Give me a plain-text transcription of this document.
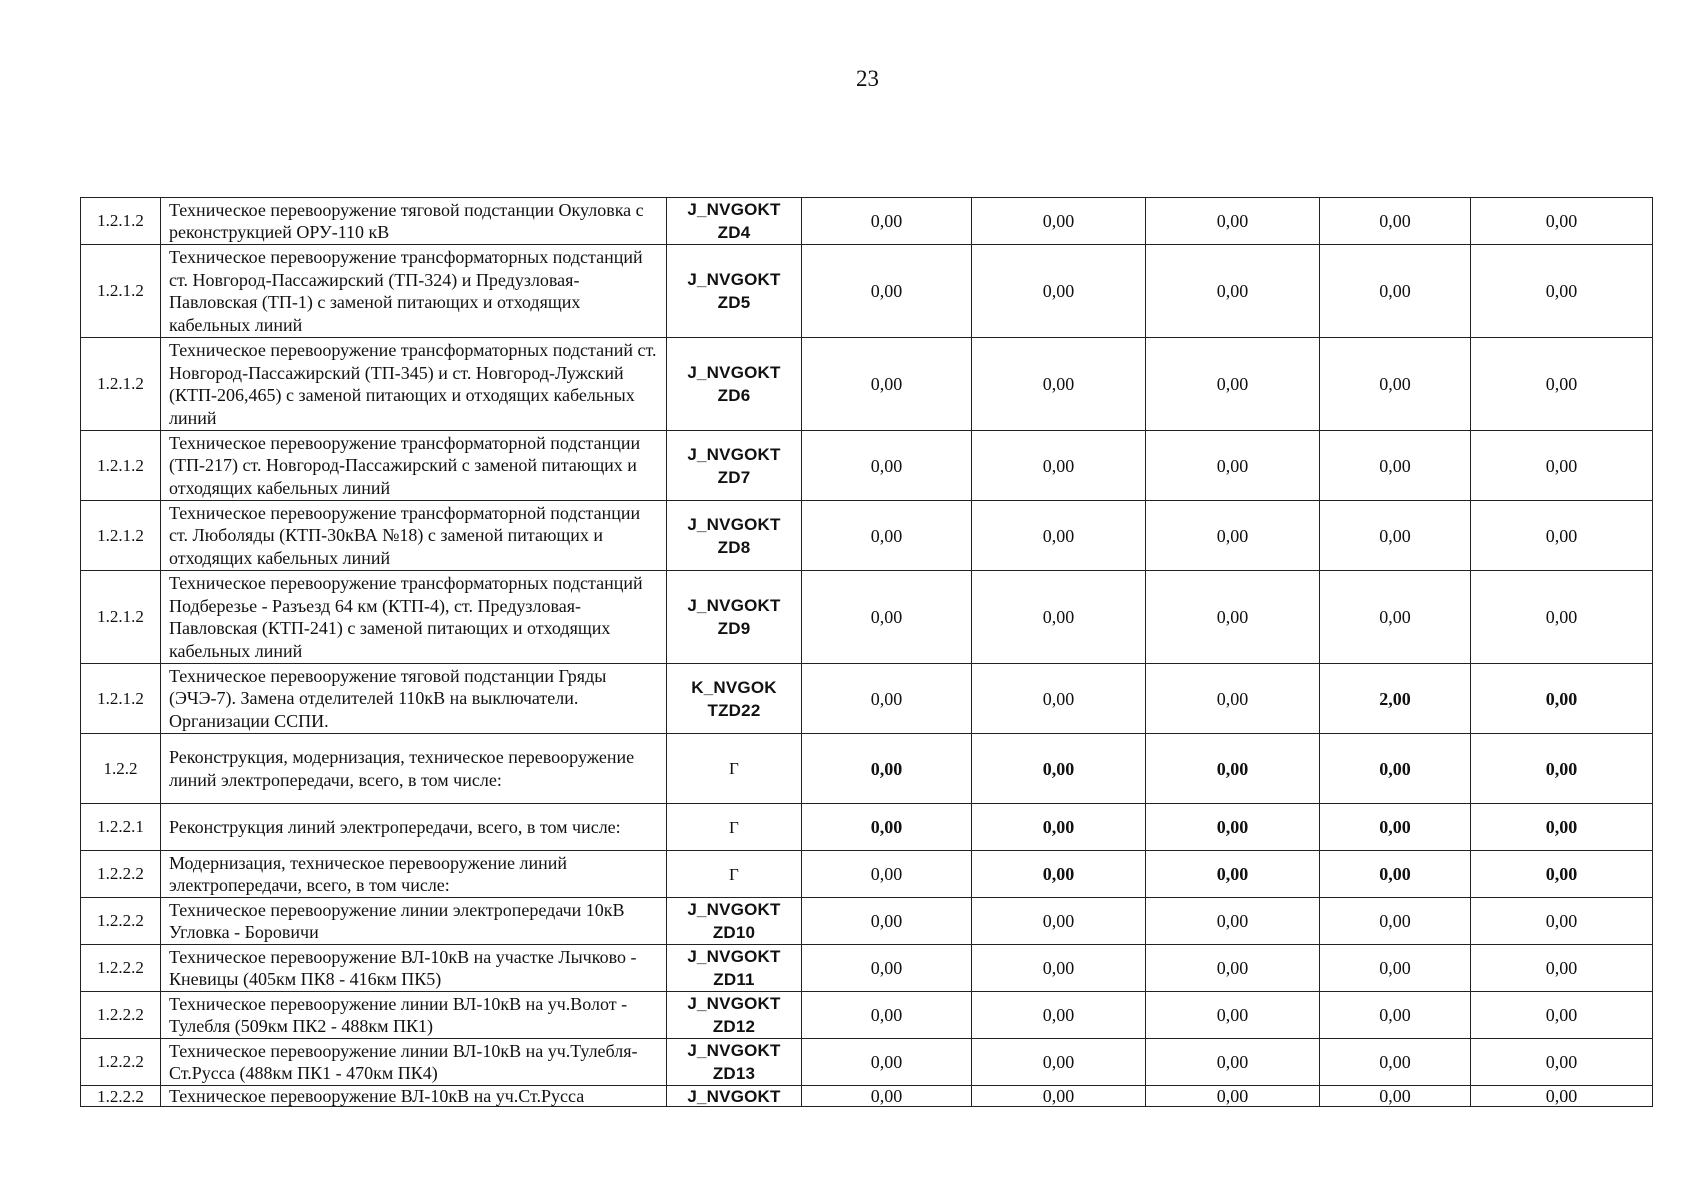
23
1.2.1.2	Техническое перевооружение тяговой подстанции Окуловка с реконструкцией ОРУ-110 кВ	J_NVGOKT ZD4	0,00	0,00	0,00	0,00	0,00
1.2.1.2	Техническое перевооружение трансформаторных подстанций ст. Новгород-Пассажирский (ТП-324) и Предузловая-Павловская (ТП-1) с заменой питающих и отходящих кабельных линий	J_NVGOKT ZD5	0,00	0,00	0,00	0,00	0,00
1.2.1.2	Техническое перевооружение трансформаторных подстаний ст. Новгород-Пассажирский (ТП-345) и ст. Новгород-Лужский (КТП-206,465) с заменой питающих и отходящих кабельных линий	J_NVGOKT ZD6	0,00	0,00	0,00	0,00	0,00
1.2.1.2	Техническое перевооружение трансформаторной подстанции (ТП-217) ст. Новгород-Пассажирский с заменой питающих и отходящих кабельных линий	J_NVGOKT ZD7	0,00	0,00	0,00	0,00	0,00
1.2.1.2	Техническое перевооружение трансформаторной подстанции ст. Люболяды (КТП-30кВА №18) с заменой питающих и отходящих кабельных линий	J_NVGOKT ZD8	0,00	0,00	0,00	0,00	0,00
1.2.1.2	Техническое перевооружение трансформаторных подстанций Подберезье - Разъезд 64 км (КТП-4), ст. Предузловая-Павловская (КТП-241) с заменой питающих и отходящих кабельных линий	J_NVGOKT ZD9	0,00	0,00	0,00	0,00	0,00
1.2.1.2	Техническое перевооружение тяговой подстанции Гряды (ЭЧЭ-7). Замена отделителей 110кВ на выключатели. Организации ССПИ.	K_NVGOK TZD22	0,00	0,00	0,00	2,00	0,00
1.2.2	Реконструкция, модернизация, техническое перевооружение линий электропередачи, всего, в том числе:	Г	0,00	0,00	0,00	0,00	0,00
1.2.2.1	Реконструкция линий электропередачи, всего, в том числе:	Г	0,00	0,00	0,00	0,00	0,00
1.2.2.2	Модернизация, техническое перевооружение линий электропередачи, всего, в том числе:	Г	0,00	0,00	0,00	0,00	0,00
1.2.2.2	Техническое перевооружение линии электропередачи 10кВ Угловка - Боровичи	J_NVGOKT ZD10	0,00	0,00	0,00	0,00	0,00
1.2.2.2	Техническое перевооружение ВЛ-10кВ на участке Лычково - Кневицы (405км ПК8 - 416км ПК5)	J_NVGOKT ZD11	0,00	0,00	0,00	0,00	0,00
1.2.2.2	Техническое перевооружение линии ВЛ-10кВ на уч.Волот - Тулебля (509км ПК2 - 488км ПК1)	J_NVGOKT ZD12	0,00	0,00	0,00	0,00	0,00
1.2.2.2	Техническое перевооружение линии ВЛ-10кВ на уч.Тулебля- Ст.Русса (488км ПК1 - 470км ПК4)	J_NVGOKT ZD13	0,00	0,00	0,00	0,00	0,00
1.2.2.2	Техническое перевооружение ВЛ-10кВ на уч.Ст.Русса	J_NVGOKT	0,00	0,00	0,00	0,00	0,00
